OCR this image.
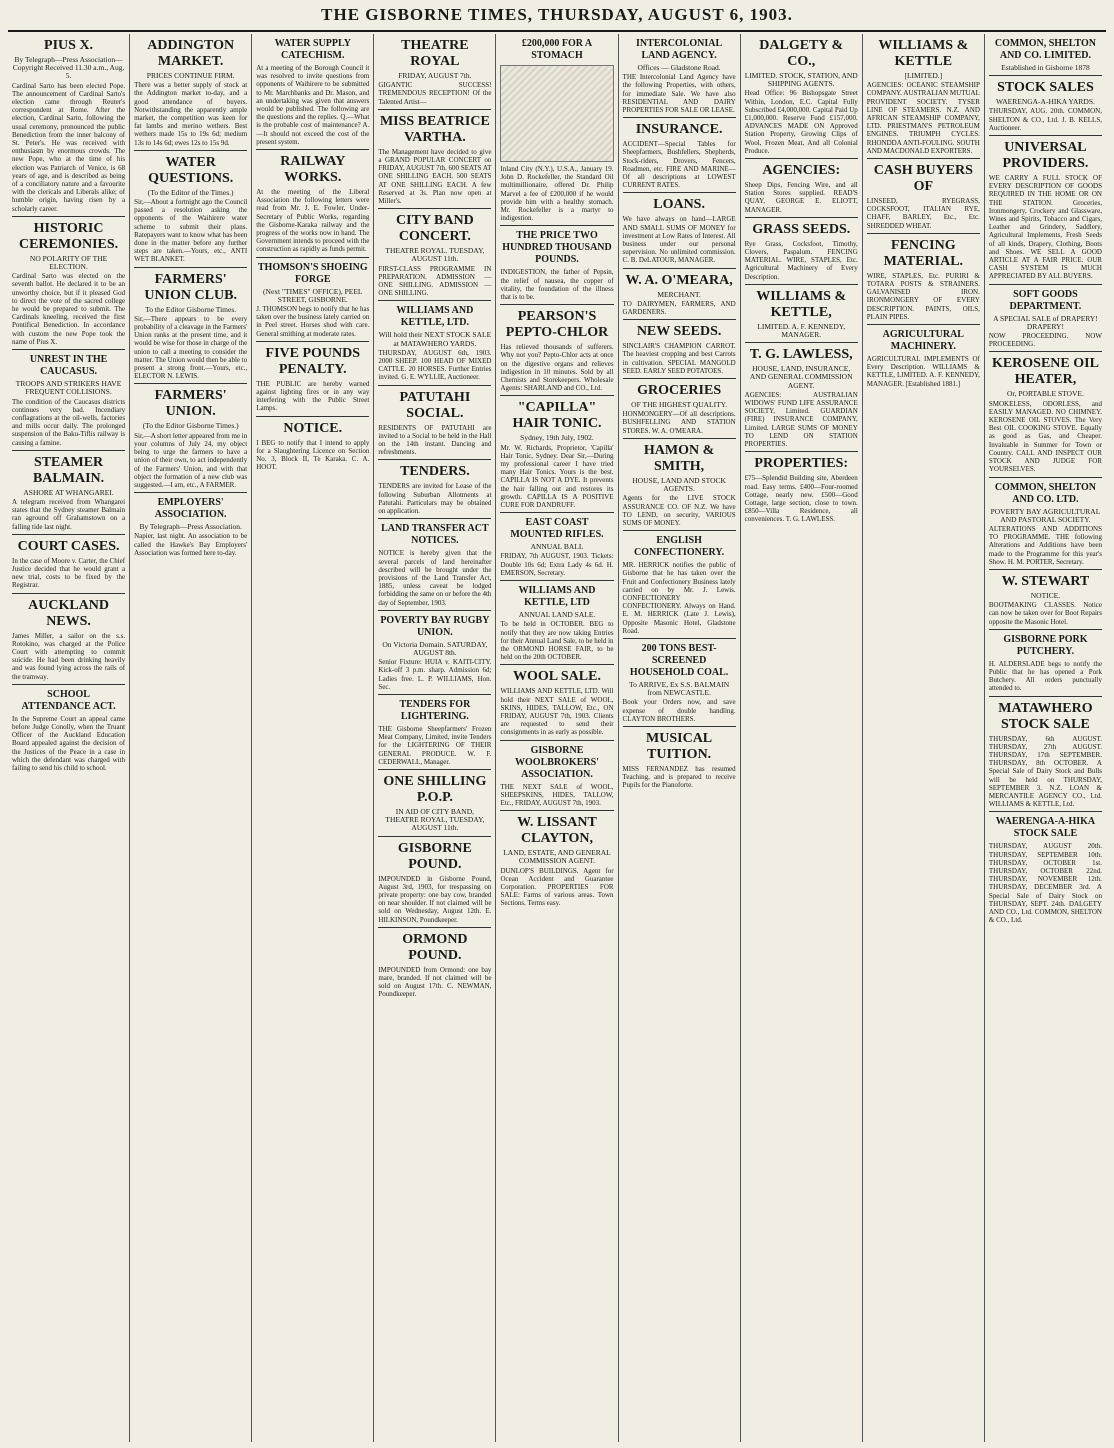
THE GISBORNE TIMES, THURSDAY, AUGUST 6, 1903.
PIUS X.
By Telegraph—Press Association—Copyright Received 11.30 a.m., Aug. 5.
Cardinal Sarto has been elected Pope. The announcement of Cardinal Sarto's election came through Reuter's correspondent at Rome. After the election, Cardinal Sarto, following the usual ceremony, pronounced the public Benediction from the inner balcony of St. Peter's. He was received with enthusiasm by enormous crowds. The new Pope, who at the time of his election was Patriarch of Venice, is 68 years of age, and is described as being of a conciliatory nature and a favourite with the clericals and Liberals alike; of humble origin, having risen by a scholarly career.
HISTORIC CEREMONIES.
NO POLARITY OF THE ELECTION.
Cardinal Sarto was elected on the seventh ballot. He declared it to be an unworthy choice, but if it pleased God to direct the vote of the sacred college he would be prepared to submit. The Cardinals kneeling, received the first Pontifical Benediction. In accordance with custom the new Pope took the name of Pius X.
UNREST IN THE CAUCASUS.
TROOPS AND STRIKERS HAVE FREQUENT COLLISIONS.
The condition of the Caucasus districts continues very bad. Incendiary conflagrations at the oil-wells, factories and mills occur daily. The prolonged suspension of the Baku-Tiflis railway is causing a famine.
STEAMER BALMAIN.
ASHORE AT WHANGAREI.
A telegram received from Whangarei states that the Sydney steamer Balmain ran aground off Grahamstown on a falling tide last night.
COURT CASES.
In the case of Moore v. Carter, the Chief Justice decided that he would grant a new trial, costs to be fixed by the Registrar.
AUCKLAND NEWS.
James Miller, a sailor on the s.s. Rotokino, was charged at the Police Court with attempting to commit suicide. He had been drinking heavily and was found lying across the rails of the tramway.
SCHOOL ATTENDANCE ACT.
In the Supreme Court an appeal came before Judge Conolly, when the Truant Officer of the Auckland Education Board appealed against the decision of the Justices of the Peace in a case in which the defendant was charged with failing to send his child to school.
ADDINGTON MARKET.
PRICES CONTINUE FIRM.
There was a better supply of stock at the Addington market to-day, and a good attendance of buyers. Notwithstanding the apparently ample market, the competition was keen for fat lambs and merino wethers. Best wethers made 15s to 19s 6d; medium 13s to 14s 6d; ewes 12s to 15s 9d.
WATER QUESTIONS.
(To the Editor of the Times.)
Sir,—About a fortnight ago the Council passed a resolution asking the opponents of the Waihirere water scheme to submit their plans. Ratepayers want to know what has been done in the matter before any further steps are taken.—Yours, etc., ANTI WET BLANKET.
FARMERS' UNION CLUB.
To the Editor Gisborne Times.
Sir,—There appears to be every probability of a cleavage in the Farmers' Union ranks at the present time, and it would be wise for those in charge of the union to call a meeting to consider the matter. The Union would then be able to present a strong front.—Yours, etc., ELECTOR N. LEWIS.
FARMERS' UNION.
(To the Editor Gisborne Times.)
Sir,—A short letter appeared from me in your columns of July 24, my object being to urge the farmers to have a union of their own, to act independently of the Farmers' Union, and with that object the formation of a new club was suggested.—I am, etc., A FARMER.
EMPLOYERS' ASSOCIATION.
By Telegraph—Press Association.
Napier, last night. An association to be called the Hawke's Bay Employers' Association was formed here to-day.
WATER SUPPLY CATECHISM.
At a meeting of the Borough Council it was resolved to invite questions from opponents of Waihirere to be submitted to Mr. Marchbanks and Dr. Mason, and an undertaking was given that answers would be published. The following are the questions and the replies. Q.—What is the probable cost of maintenance? A.—It should not exceed the cost of the present system.
RAILWAY WORKS.
At the meeting of the Liberal Association the following letters were read from Mr. J. E. Fowler, Under-Secretary of Public Works, regarding the Gisborne-Karaka railway and the progress of the works now in hand. The Government intends to proceed with the construction as rapidly as funds permit.
THOMSON'S SHOEING FORGE
(Next "TIMES" OFFICE), PEEL STREET, GISBORNE.
J. THOMSON begs to notify that he has taken over the business lately carried on in Peel street. Horses shod with care. General smithing at moderate rates.
FIVE POUNDS PENALTY.
THE PUBLIC are hereby warned against lighting fires or in any way interfering with the Public Street Lamps.
NOTICE.
I BEG to notify that I intend to apply for a Slaughtering Licence on Section No. 3, Block II, Te Karaka. C. A. HOOT.
THEATRE ROYAL
FRIDAY, AUGUST 7th.
GIGANTIC SUCCESS! TREMENDOUS RECEPTION! Of the Talented Artist—
MISS BEATRICE VARTHA.
The Management have decided to give a GRAND POPULAR CONCERT on FRIDAY, AUGUST 7th. 600 SEATS AT ONE SHILLING EACH. 500 SEATS AT ONE SHILLING EACH. A few Reserved at 3s. Plan now open at Miller's.
CITY BAND CONCERT.
THEATRE ROYAL. TUESDAY, AUGUST 11th.
FIRST-CLASS PROGRAMME IN PREPARATION. ADMISSION — ONE SHILLING. ADMISSION — ONE SHILLING.
WILLIAMS AND KETTLE, LTD.
Will hold their NEXT STOCK SALE at MATAWHERO YARDS.
THURSDAY, AUGUST 6th, 1903. 2000 SHEEP. 100 HEAD OF MIXED CATTLE. 20 HORSES. Further Entries invited. G. E. WYLLIE, Auctioneer.
PATUTAHI SOCIAL.
RESIDENTS OF PATUTAHI are invited to a Social to be held in the Hall on the 14th instant. Dancing and refreshments.
TENDERS.
TENDERS are invited for Lease of the following Suburban Allotments at Patutahi. Particulars may be obtained on application.
LAND TRANSFER ACT NOTICES.
NOTICE is hereby given that the several parcels of land hereinafter described will be brought under the provisions of the Land Transfer Act, 1885, unless caveat be lodged forbidding the same on or before the 4th day of September, 1903.
POVERTY BAY RUGBY UNION.
On Victoria Domain. SATURDAY, AUGUST 8th.
Senior Fixture: HUIA v. KAITI-CITY. Kick-off 3 p.m. sharp. Admission 6d; Ladies free. L. P. WILLIAMS, Hon. Sec.
TENDERS FOR LIGHTERING.
THE Gisborne Sheepfarmers' Frozen Meat Company, Limited, invite Tenders for the LIGHTERING OF THEIR GENERAL PRODUCE. W. F. CEDERWALL, Manager.
ONE SHILLING P.O.P.
IN AID OF CITY BAND, THEATRE ROYAL, TUESDAY, AUGUST 11th.
GISBORNE POUND.
IMPOUNDED in Gisborne Pound, August 3rd, 1903, for trespassing on private property: one bay cow, branded on near shoulder. If not claimed will be sold on Wednesday, August 12th. E. HILKINSON, Poundkeeper.
ORMOND POUND.
IMPOUNDED from Ormond: one bay mare, branded. If not claimed will be sold on August 17th. C. NEWMAN, Poundkeeper.
£200,000 FOR A STOMACH
Inland City (N.Y.), U.S.A., January 19. John D. Rockefeller, the Standard Oil multimillionaire, offered Dr. Philip Marvel a fee of £200,000 if he would provide him with a healthy stomach. Mr. Rockefeller is a martyr to indigestion.
THE PRICE TWO HUNDRED THOUSAND POUNDS.
INDIGESTION, the father of Pepsin, the relief of nausea, the copper of vitality, the foundation of the illness that is to be.
PEARSON'S PEPTO-CHLOR
Has relieved thousands of sufferers. Why not you? Pepto-Chlor acts at once on the digestive organs and relieves indigestion in 10 minutes. Sold by all Chemists and Storekeepers. Wholesale Agents: SHARLAND and CO., Ltd.
"CAPILLA" HAIR TONIC.
Sydney, 19th July, 1902.
Mr. W. Richards, Proprietor, 'Capilla' Hair Tonic, Sydney. Dear Sir,—During my professional career I have tried many Hair Tonics. Yours is the best. CAPILLA IS NOT A DYE. It prevents the hair falling out and restores its growth. CAPILLA IS A POSITIVE CURE FOR DANDRUFF.
EAST COAST MOUNTED RIFLES.
ANNUAL BALL
FRIDAY, 7th AUGUST, 1903. Tickets: Double 10s 6d; Extra Lady 4s 6d. H. EMERSON, Secretary.
WILLIAMS AND KETTLE, LTD
ANNUAL LAND SALE.
To be held in OCTOBER. BEG to notify that they are now taking Entries for their Annual Land Sale, to be held in the ORMOND HORSE FAIR, to be held on the 20th OCTOBER.
WOOL SALE.
WILLIAMS AND KETTLE, LTD. Will hold their NEXT SALE of WOOL, SKINS, HIDES, TALLOW, Etc., ON FRIDAY, AUGUST 7th, 1903. Clients are requested to send their consignments in as early as possible.
GISBORNE WOOLBROKERS' ASSOCIATION.
THE NEXT SALE of WOOL, SHEEPSKINS, HIDES, TALLOW, Etc., FRIDAY, AUGUST 7th, 1903.
W. LISSANT CLAYTON,
LAND, ESTATE, AND GENERAL COMMISSION AGENT.
DUNLOP'S BUILDINGS. Agent for Ocean Accident and Guarantee Corporation. PROPERTIES FOR SALE: Farms of various areas. Town Sections. Terms easy.
INTERCOLONIAL LAND AGENCY.
Offices — Gladstone Road.
THE Intercolonial Land Agency have the following Properties, with others, for immediate Sale. We have also RESIDENTIAL AND DAIRY PROPERTIES FOR SALE OR LEASE.
INSURANCE.
ACCIDENT—Special Tables for Sheepfarmers, Bushfellers, Shepherds, Stock-riders, Drovers, Fencers, Roadmen, etc. FIRE AND MARINE—Of all descriptions at LOWEST CURRENT RATES.
LOANS.
We have always on hand—LARGE AND SMALL SUMS OF MONEY for investment at Low Rates of Interest. All business under our personal supervision. No unlimited commission. C. B. DeLATOUR, MANAGER.
W. A. O'MEARA,
MERCHANT.
TO DAIRYMEN, FARMERS, AND GARDENERS.
NEW SEEDS.
SINCLAIR'S CHAMPION CARROT. The heaviest cropping and best Carrots in cultivation. SPECIAL MANGOLD SEED. EARLY SEED POTATOES.
GROCERIES
OF THE HIGHEST QUALITY.
HONMONGERY—Of all descriptions. BUSHFELLING AND STATION STORES. W. A. O'MEARA.
HAMON & SMITH,
HOUSE, LAND AND STOCK AGENTS.
Agents for the LIVE STOCK ASSURANCE CO. OF N.Z. We have TO LEND, on security, VARIOUS SUMS OF MONEY.
ENGLISH CONFECTIONERY.
MR. HERRICK notifies the public of Gisborne that he has taken over the Fruit and Confectionery Business lately carried on by Mr. J. Lewis. CONFECTIONERY CONFECTIONERY. Always on Hand. E. M. HERRICK (Late J. Lewis), Opposite Masonic Hotel, Gladstone Road.
200 TONS BEST-SCREENED HOUSEHOLD COAL.
To ARRIVE, Ex S.S. BALMAIN from NEWCASTLE.
Book your Orders now, and save expense of double handling. CLAYTON BROTHERS.
MUSICAL TUITION.
MISS FERNANDEZ has resumed Teaching, and is prepared to receive Pupils for the Pianoforte.
DALGETY & CO.,
LIMITED. STOCK, STATION, AND SHIPPING AGENTS.
Head Office: 96 Bishopsgate Street Within, London, E.C. Capital Fully Subscribed £4,000,000. Capital Paid Up £1,000,000. Reserve Fund £157,000. ADVANCES MADE ON Approved Station Property, Growing Clips of Wool, Frozen Meat, And all Colonial Produce.
AGENCIES:
Sheep Dips, Fencing Wire, and all Station Stores supplied. READ'S QUAY, GEORGE E. ELIOTT, MANAGER.
GRASS SEEDS.
Rye Grass, Cocksfoot, Timothy, Clovers, Paspalum. FENCING MATERIAL. WIRE, STAPLES, Etc. Agricultural Machinery of Every Description.
WILLIAMS & KETTLE,
LIMITED. A. F. KENNEDY, MANAGER.
T. G. LAWLESS,
HOUSE, LAND, INSURANCE, AND GENERAL COMMISSION AGENT.
AGENCIES: AUSTRALIAN WIDOWS' FUND LIFE ASSURANCE SOCIETY, Limited. GUARDIAN (FIRE) INSURANCE COMPANY, Limited. LARGE SUMS OF MONEY TO LEND ON STATION PROPERTIES.
PROPERTIES:
£75—Splendid Building site, Aberdeen road. Easy terms. £400—Four-roomed Cottage, nearly new. £500—Good Cottage, large section, close to town. £850—Villa Residence, all conveniences. T. G. LAWLESS.
WILLIAMS & KETTLE
[LIMITED.]
AGENCIES: OCEANIC STEAMSHIP COMPANY. AUSTRALIAN MUTUAL PROVIDENT SOCIETY. TYSER LINE OF STEAMERS. N.Z. AND AFRICAN STEAMSHIP COMPANY, LTD. PRIESTMAN'S PETROLEUM ENGINES. TRIUMPH CYCLES. RHONDDA ANTI-FOULING. SOUTH AND MACDONALD EXPORTERS.
CASH BUYERS OF
LINSEED, RYEGRASS, COCKSFOOT, ITALIAN RYE, CHAFF, BARLEY, Etc., Etc. SHREDDED WHEAT.
FENCING MATERIAL.
WIRE, STAPLES, Etc. PURIRI & TOTARA POSTS & STRAINERS. GALVANISED IRON. IRONMONGERY OF EVERY DESCRIPTION. PAINTS, OILS, PLAIN PIPES.
AGRICULTURAL MACHINERY.
AGRICULTURAL IMPLEMENTS Of Every Description. WILLIAMS & KETTLE, LIMITED. A. F. KENNEDY, MANAGER. [Established 1881.]
COMMON, SHELTON AND CO. LIMITED.
Established in Gisborne 1878
STOCK SALES
WAERENGA-A-HIKA YARDS.
THURSDAY, AUG. 20th. COMMON, SHELTON & CO., Ltd. J. B. KELLS, Auctioneer.
UNIVERSAL PROVIDERS.
WE CARRY A FULL STOCK OF EVERY DESCRIPTION OF GOODS REQUIRED IN THE HOME OR ON THE STATION. Groceries, Ironmongery, Crockery and Glassware, Wines and Spirits, Tobacco and Cigars, Leather and Grindery, Saddlery, Agricultural Implements, Fresh Seeds of all kinds, Drapery, Clothing, Boots and Shoes. WE SELL A GOOD ARTICLE AT A FAIR PRICE. OUR CASH SYSTEM IS MUCH APPRECIATED BY ALL BUYERS.
SOFT GOODS DEPARTMENT.
A SPECIAL SALE of DRAPERY! DRAPERY!
NOW PROCEEDING. NOW PROCEEDING.
KEROSENE OIL HEATER,
Or, PORTABLE STOVE.
SMOKELESS, ODORLESS, and EASILY MANAGED. NO CHIMNEY. KEROSENE OIL STOVES. The Very Best OIL COOKING STOVE. Equally as good as Gas, and Cheaper. Invaluable in Summer for Town or Country. CALL AND INSPECT OUR STOCK AND JUDGE FOR YOURSELVES.
COMMON, SHELTON AND CO. LTD.
POVERTY BAY AGRICULTURAL AND PASTORAL SOCIETY.
ALTERATIONS AND ADDITIONS TO PROGRAMME. THE following Alterations and Additions have been made to the Programme for this year's Show. H. M. PORTER, Secretary.
W. STEWART
NOTICE.
BOOTMAKING CLASSES. Notice can now be taken over for Boot Repairs opposite the Masonic Hotel.
GISBORNE PORK PUTCHERY.
H. ALDERSLADE begs to notify the Public that he has opened a Pork Butchery. All orders punctually attended to.
MATAWHERO STOCK SALE
THURSDAY, 6th AUGUST. THURSDAY, 27th AUGUST. THURSDAY, 17th SEPTEMBER. THURSDAY, 8th OCTOBER. A Special Sale of Dairy Stock and Bulls will be held on THURSDAY, SEPTEMBER 3. N.Z. LOAN & MERCANTILE AGENCY CO., Ltd. WILLIAMS & KETTLE, Ltd.
WAERENGA-A-HIKA STOCK SALE
THURSDAY, AUGUST 20th. THURSDAY, SEPTEMBER 10th. THURSDAY, OCTOBER 1st. THURSDAY, OCTOBER 22nd. THURSDAY, NOVEMBER 12th. THURSDAY, DECEMBER 3rd. A Special Sale of Dairy Stock on THURSDAY, SEPT. 24th. DALGETY AND CO., Ltd. COMMON, SHELTON & CO., Ltd.
